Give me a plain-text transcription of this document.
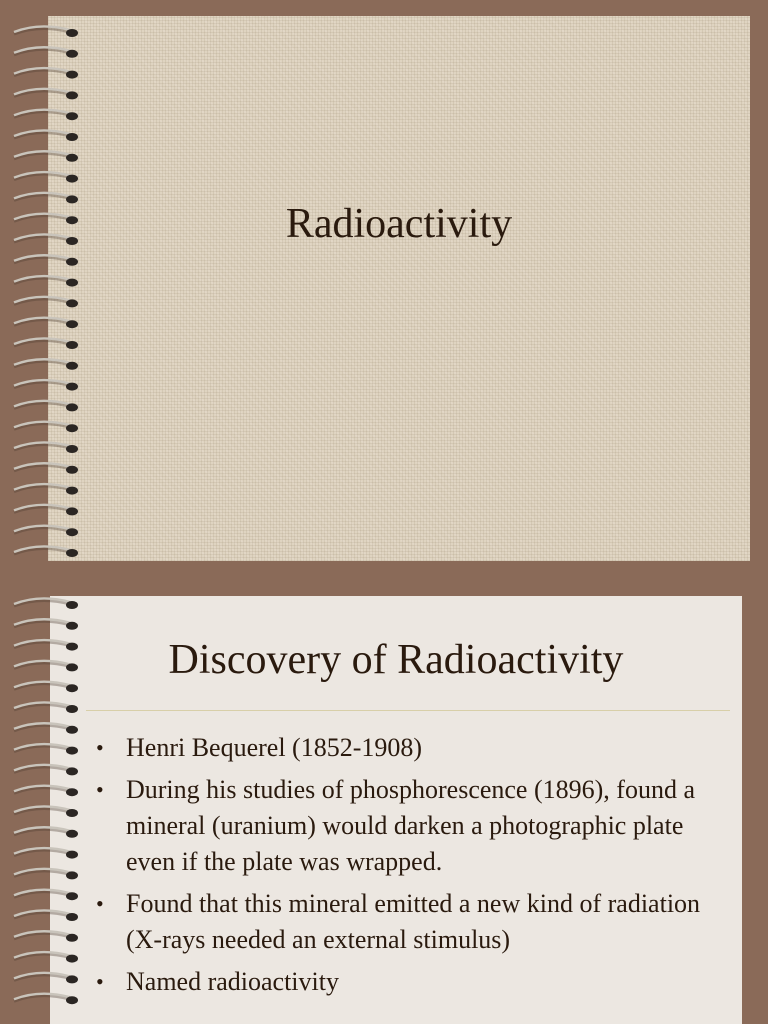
Radioactivity
Discovery of Radioactivity
• Henri Bequerel (1852-1908)
• During his studies of phosphorescence (1896), found a mineral (uranium) would darken a photographic plate even if the plate was wrapped.
• Found that this mineral emitted a new kind of radiation (X-rays needed an external stimulus)
• Named radioactivity
